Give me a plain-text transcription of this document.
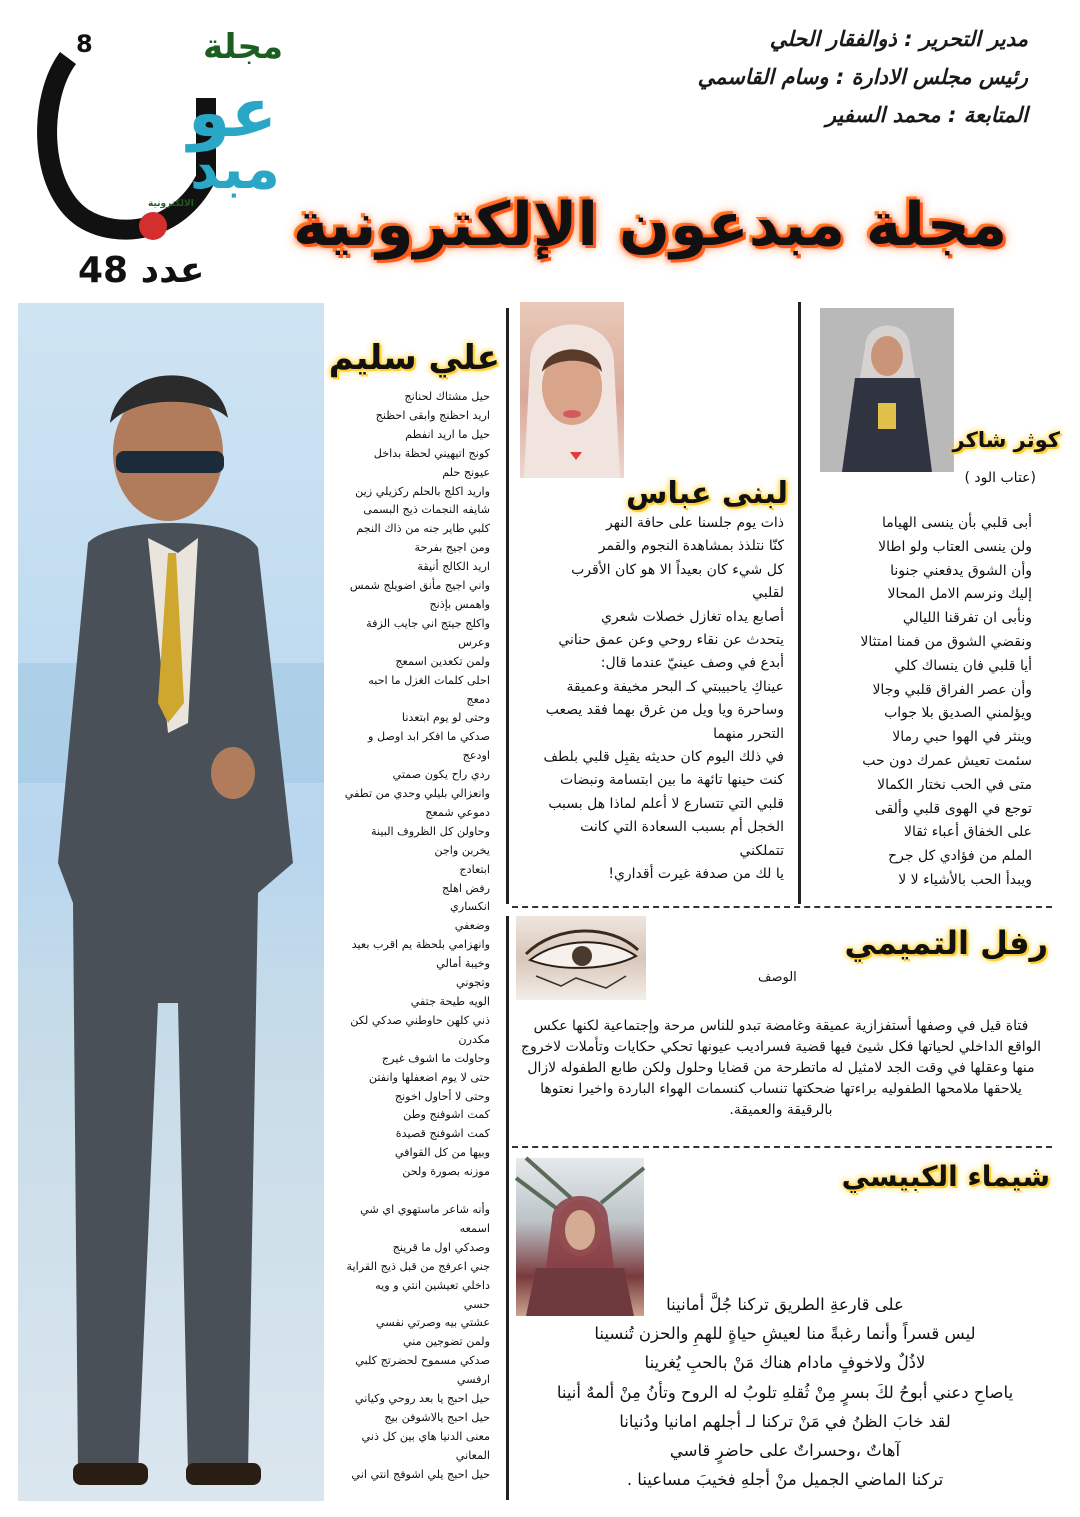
مجلة
عو
مبد
الالكترونية
8
عدد 48
مدير التحرير : ذوالفقار الحلي
رئيس مجلس الادارة : وسام القاسمي
المتابعة : محمد السفير
مجلة مبدعون الإلكترونية
علي سليم
حيل مشتاك لحنانج
اريد احظنج وابقى احظنج
حيل ما اريد انفطم
كونج اتيهيني لحظة بداخل
عيونج حلم
واريد اكلج بالحلم ركزيلي زين
شايفه النجمات ذيج البسمى
كلبي طاير جنه من ذاك النجم
ومن اجيج بفرحة
اريد الكالج أنيقة
واني اجيج مأنق اضويلج شمس
واهمس بإذنج
واكلج جيتج اني جايب الزفة
وعرس
ولمن تكعدين اسمعج
احلى كلمات الغزل ما احبه
دمعج
وحتى لو يوم ابتعدنا
صدكي ما افكر ابد اوصل و
اودعج
ردي راح يكون صمتي
وانعزالي بليلي وحدي من تطفي
دموعي شمعج
وحاولن كل الظروف البينة
يخربن واجن
ابتعادج
رفض اهلج
انكساري
وضعفي
وانهزامي بلحظة يم اقرب بعيد
وخيبة أمالي
وتجوني
الويه طيحة جتفي
ذني كلهن حاوطني صدكي لكن
مكدرن
وحاولت ما اشوف غيرج
حتى لا يوم اضعفلها وانفتن
وحتى لا أحاول اخونج
كمت اشوفنج وطن
كمت اشوفنج قصيدة
وبيها من كل القوافي
موزنه بصورة ولحن

وأنه شاعر ماستهوي اي شي
اسمعه
وصدكي اول ما قرينج
جني اعرفج من قبل ذيج القراية
داخلي تعيشين انتي و ويه
حسي
عشتي بيه وصرتي نفسي
ولمن تضوجين مني
صدكي مسموح لحضرتج كلبي
ارفسي
حيل احبج يا بعد روحي وكياني
حيل احبج يالاشوفن بيج
معنى الدنيا هاي بين كل ذني
المعاني
حيل احبج يلي اشوفج انتي اني
لبنى عباس
ذات يوم جلسنا على حافة النهر
كنّا نتلذذ بمشاهدة النجوم والقمر
كل شيء كان بعيداً الا هو كان الأقرب
لقلبي
أصابع يداه تغازل خصلات شعري
يتحدث عن نقاء روحي وعن عمق حناني
أبدع في وصف عينيّ عندما قال:
عيناكِ ياحبيبتي كـ البحر مخيفة وعميقة
وساحرة ويا ويل من غرق بهما فقد يصعب
التحرر منهما
في ذلك اليوم كان حديثه يقبِل قلبي بلطف
كنت حينها تائهة ما بين ابتسامة ونبضات
قلبي التي تتسارع لا أعلم لماذا هل بسبب
الخجل أم بسبب السعادة التي كانت
تتملكني
يا لك من صدفة غيرت أقداري!
كوثر شاكر
(عتاب الود )
أبى قلبي بأن ينسى الهياما
ولن ينسى العتاب ولو اطالا
وأن الشوق يدفعني جنونا
إليك ونرسم الامل المحالا
ونأبى ان تفرقنا الليالي
ونقضي الشوق من فمنا امتثالا
أيا قلبي فان ينساك كلي
وأن عصر الفراق قلبي وجالا
ويؤلمني الصديق بلا جواب
وينثر في الهوا حبي رمالا
سئمت تعيش عمرك دون حب
متى في الحب نختار الكمالا
توجع في الهوى قلبي وألقى
على الخفاق أعباء ثقالا
الملم من فؤادي كل جرح
ويبدأ الحب بالأشياء لا لا
رفل التميمي
الوصف
فتاة قيل في وصفها أستفزازية عميقة وغامضة تبدو للناس مرحة وإجتماعية لكنها عكس الواقع الداخلي لحياتها فكل شيئ فيها قضية فسراديب عيونها تحكي حكايات وتأملات لاخروج منها وعقلها في وقت الجد لامثيل له ماتطرحة من قضايا وحلول ولكن طابع الطفوله لازال يلاحقها ملامحها الطفوليه براءتها ضحكتها تنساب كنسمات الهواء الباردة واخيرا نعتوها بالرقيقة والعميقة.
شيماء الكبيسي
على قارعةِ الطريق تركنا جُلَّ أمانينا
ليس قسراً وأنما رغبةً منا لعيشِ حياةٍ للهمِ والحزن تُنسينا
لاذُلٌ ولاخوفٍ مادام هناك مَنْ بالحبِ يُغرينا
ياصاحِ دعني أبوحُ لكَ بسرٍ مِنْ ثُقلهِ تلوبُ له الروح وتأنُ مِنْ ألمهٌ أنينا
لقد خابَ الظنُ في مَنْ تركنا لـ أجلهم امانيا ودُنيانا
آهاتٌ ،وحسراتٌ على حاضرٍ قاسي
تركنا الماضي الجميل منْ أجلهِ فخيبَ مساعينا .
